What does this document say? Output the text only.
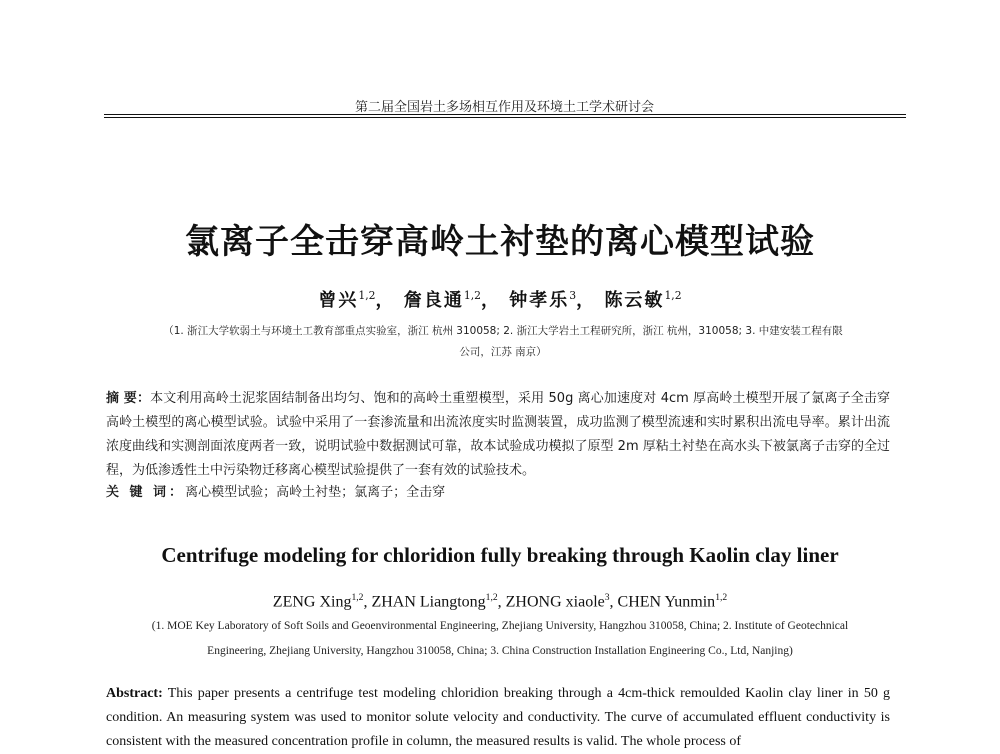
第二届全国岩土多场相互作用及环境土工学术研讨会
氯离子全击穿高岭土衬垫的离心模型试验
曾兴$^{1,2}$， 詹良通$^{1,2}$， 钟孝乐$^3$， 陈云敏$^{1,2}$
（1. 浙江大学软弱土与环境土工教育部重点实验室，浙江 杭州 310058; 2. 浙江大学岩土工程研究所，浙江 杭州，310058; 3. 中建安装工程有限
公司，江苏 南京）
摘 要：本文利用高岭土泥浆固结制备出均匀、饱和的高岭土重塑模型，采用 50g 离心加速度对 4cm 厚高岭土模型开展了氯离子全击穿高岭土模型的离心模型试验。试验中采用了一套渗流量和出流浓度实时监测装置，成功监测了模型流速和实时累积出流电导率。累计出流浓度曲线和实测剖面浓度两者一致，说明试验中数据测试可靠，故本试验成功模拟了原型 2m 厚粘土衬垫在高水头下被氯离子击穿的全过程，为低渗透性土中污染物迁移离心模型试验提供了一套有效的试验技术。
关 键 词：离心模型试验；高岭土衬垫；氯离子；全击穿
Centrifuge modeling for chloridion fully breaking through Kaolin clay liner
ZENG Xing$^{1,2}$, ZHAN Liangtong$^{1,2}$, ZHONG xiaole$^3$, CHEN Yunmin$^{1,2}$
(1. MOE Key Laboratory of Soft Soils and Geoenvironmental Engineering, Zhejiang University, Hangzhou 310058, China; 2. Institute of Geotechnical
Engineering, Zhejiang University, Hangzhou 310058, China; 3. China Construction Installation Engineering Co., Ltd, Nanjing)
Abstract: This paper presents a centrifuge test modeling chloridion breaking through a 4cm-thick remoulded Kaolin clay liner in 50 g condition. An measuring system was used to monitor solute velocity and conductivity. The curve of accumulated effluent conductivity is consistent with the measured concentration profile in column, the measured results is valid. The whole process of
